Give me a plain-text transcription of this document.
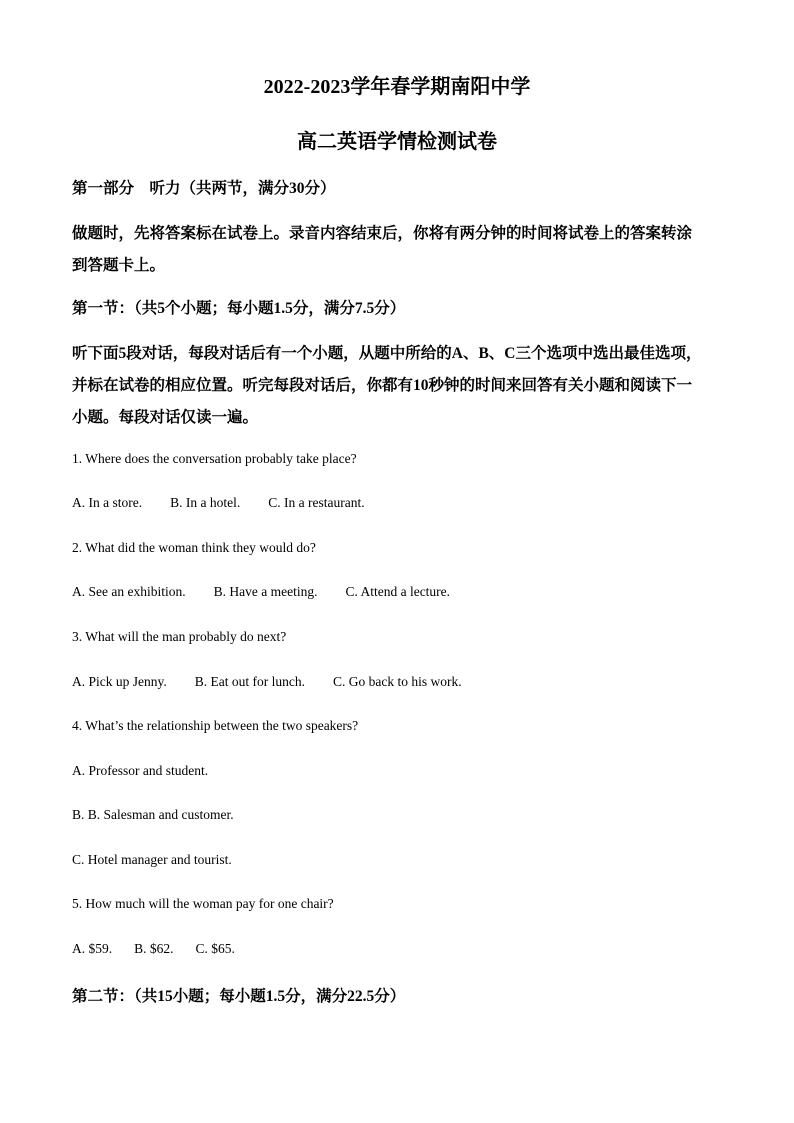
2022-2023学年春学期南阳中学
高二英语学情检测试卷
第一部分　听力（共两节，满分30分）
做题时，先将答案标在试卷上。录音内容结束后，你将有两分钟的时间将试卷上的答案转涂
到答题卡上。
第一节：（共5个小题；每小题1.5分，满分7.5分）
听下面5段对话，每段对话后有一个小题，从题中所给的A、B、C三个选项中选出最佳选项，
并标在试卷的相应位置。听完每段对话后，你都有10秒钟的时间来回答有关小题和阅读下一
小题。每段对话仅读一遍。
1. Where does the conversation probably take place?
A. In a store. B. In a hotel. C. In a restaurant.
2. What did the woman think they would do?
A. See an exhibition. B. Have a meeting. C. Attend a lecture.
3. What will the man probably do next?
A. Pick up Jenny. B. Eat out for lunch. C. Go back to his work.
4. What’s the relationship between the two speakers?
A. Professor and student.
B. B. Salesman and customer.
C. Hotel manager and tourist.
5. How much will the woman pay for one chair?
A. $59. B. $62. C. $65.
第二节：（共15小题；每小题1.5分，满分22.5分）
